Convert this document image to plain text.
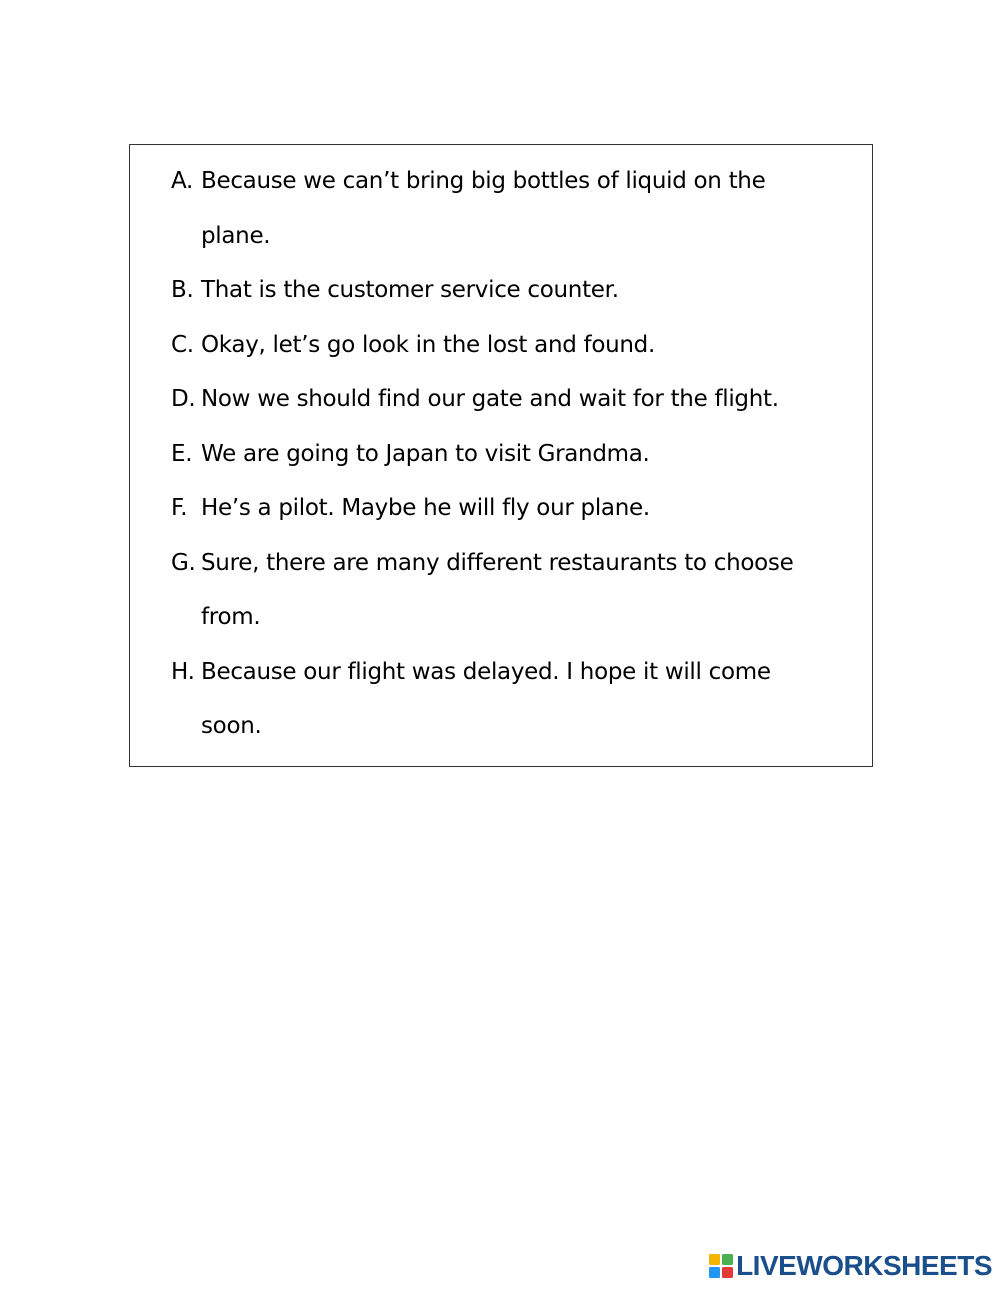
A. Because we can’t bring big bottles of liquid on the
plane.
B. That is the customer service counter.
C. Okay, let’s go look in the lost and found.
D. Now we should find our gate and wait for the flight.
E. We are going to Japan to visit Grandma.
F. He’s a pilot. Maybe he will fly our plane.
G. Sure, there are many different restaurants to choose
from.
H. Because our flight was delayed. I hope it will come
soon.
LIVEWORKSHEETS
